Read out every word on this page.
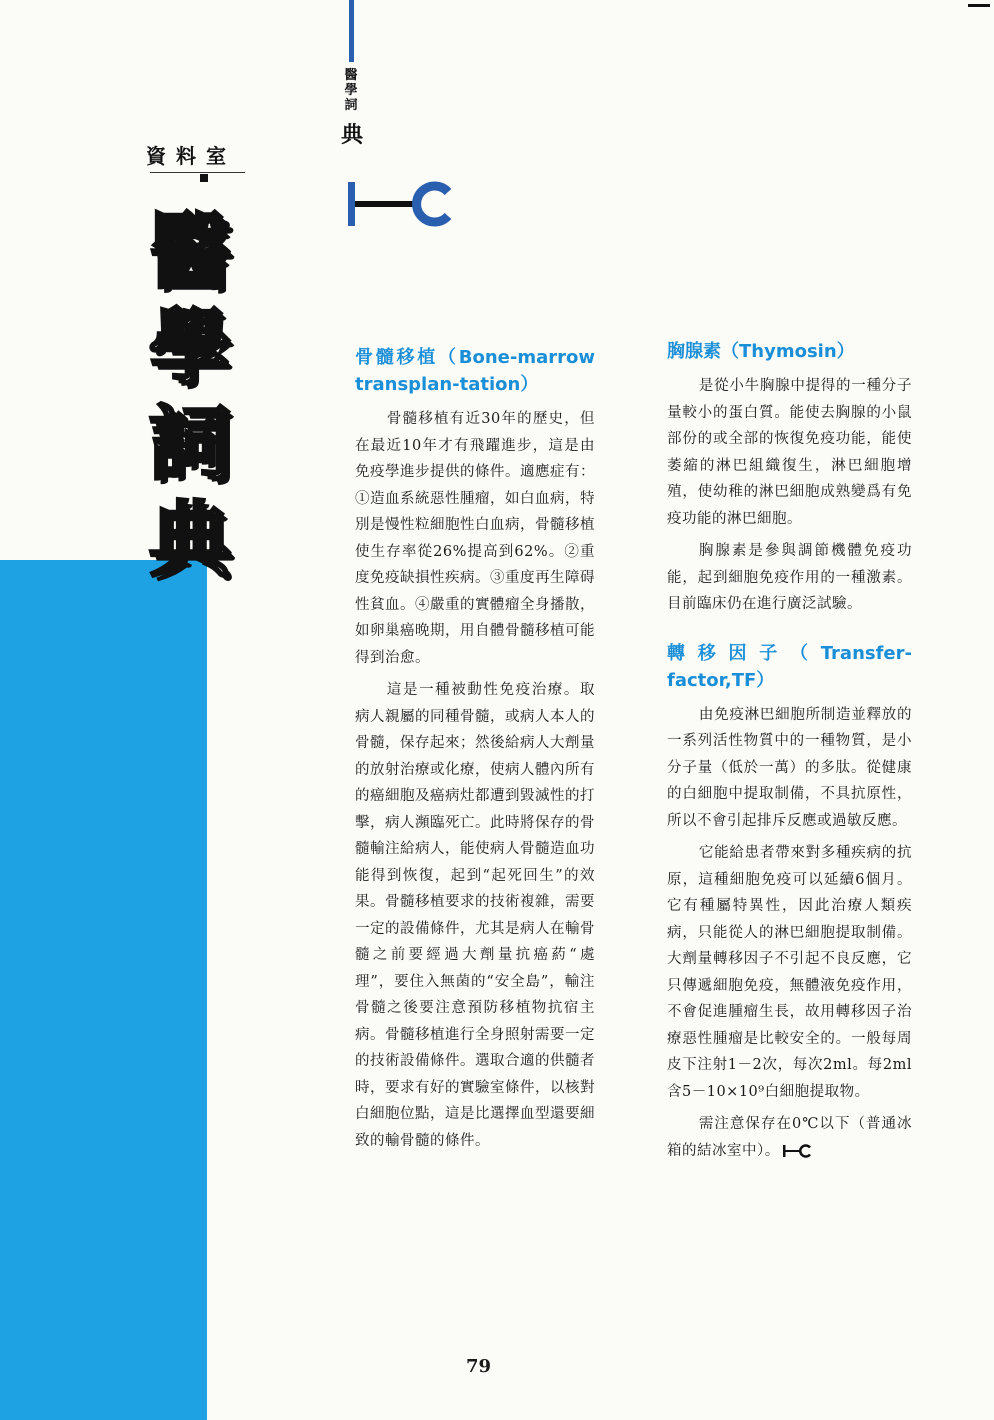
資料室
醫
學
詞
典
醫
學
詞
典
骨髓移植（Bone-marrow transplan-tation）

骨髓移植有近30年的歷史，但在最近10年才有飛躍進步，這是由免疫學進步提供的條件。適應症有：①造血系統惡性腫瘤，如白血病，特別是慢性粒細胞性白血病，骨髓移植使生存率從26%提高到62%。②重度免疫缺損性疾病。③重度再生障碍性貧血。④嚴重的實體瘤全身播散，如卵巢癌晚期，用自體骨髓移植可能得到治愈。

這是一種被動性免疫治療。取病人親屬的同種骨髓，或病人本人的骨髓，保存起來；然後給病人大劑量的放射治療或化療，使病人體內所有的癌細胞及癌病灶都遭到毀滅性的打擊，病人瀕臨死亡。此時將保存的骨髓輸注給病人，能使病人骨髓造血功能得到恢復，起到“起死回生”的效果。骨髓移植要求的技術複雜，需要一定的設備條件，尤其是病人在輸骨髓之前要經過大劑量抗癌葯“處理”，要住入無菌的“安全島”，輸注骨髓之後要注意預防移植物抗宿主病。骨髓移植進行全身照射需要一定的技術設備條件。選取合適的供髓者時，要求有好的實驗室條件，以核對白細胞位點，這是比選擇血型還要細致的輸骨髓的條件。

胸腺素（Thymosin）

是從小牛胸腺中提得的一種分子量較小的蛋白質。能使去胸腺的小鼠部份的或全部的恢復免疫功能，能使萎縮的淋巴組織復生，淋巴細胞增殖，使幼稚的淋巴細胞成熟變爲有免疫功能的淋巴細胞。

胸腺素是參與調節機體免疫功能，起到細胞免疫作用的一種激素。目前臨床仍在進行廣泛試驗。

轉移因子（Transfer-factor,TF）

由免疫淋巴細胞所制造並釋放的一系列活性物質中的一種物質，是小分子量（低於一萬）的多肽。從健康的白細胞中提取制備，不具抗原性，所以不會引起排斥反應或過敏反應。

它能給患者帶來對多種疾病的抗原，這種細胞免疫可以延續6個月。它有種屬特異性，因此治療人類疾病，只能從人的淋巴細胞提取制備。大劑量轉移因子不引起不良反應，它只傳遞細胞免疫，無體液免疫作用，不會促進腫瘤生長，故用轉移因子治療惡性腫瘤是比較安全的。一般每周皮下注射1－2次，每次2ml。每2ml含5－10×10⁹白細胞提取物。

需注意保存在0℃以下（普通冰箱的結冰室中）。

79
